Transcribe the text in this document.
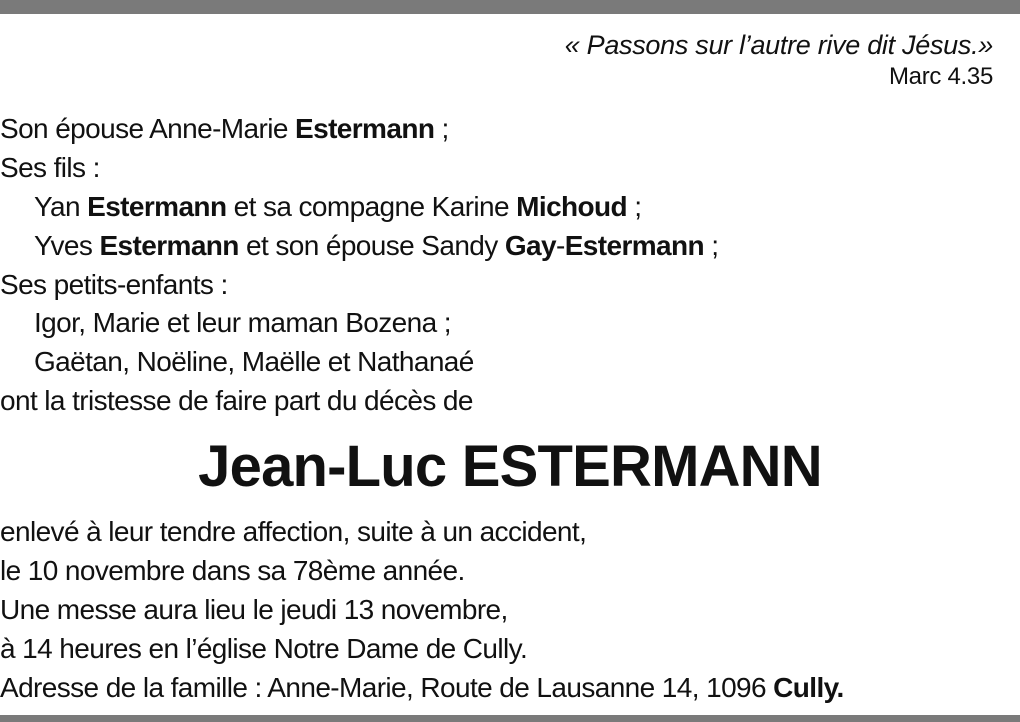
« Passons sur l’autre rive dit Jésus.»
Marc 4.35
Son épouse Anne-Marie Estermann ;
Ses fils :
Yan Estermann et sa compagne Karine Michoud ;
Yves Estermann et son épouse Sandy Gay-Estermann ;
Ses petits-enfants :
Igor, Marie et leur maman Bozena ;
Gaëtan, Noëline, Maëlle et Nathanaé
ont la tristesse de faire part du décès de
Jean-Luc ESTERMANN
enlevé à leur tendre affection, suite à un accident,
le 10 novembre dans sa 78ème année.
Une messe aura lieu le jeudi 13 novembre,
à 14 heures en l’église Notre Dame de Cully.
Adresse de la famille : Anne-Marie, Route de Lausanne 14, 1096 Cully.
